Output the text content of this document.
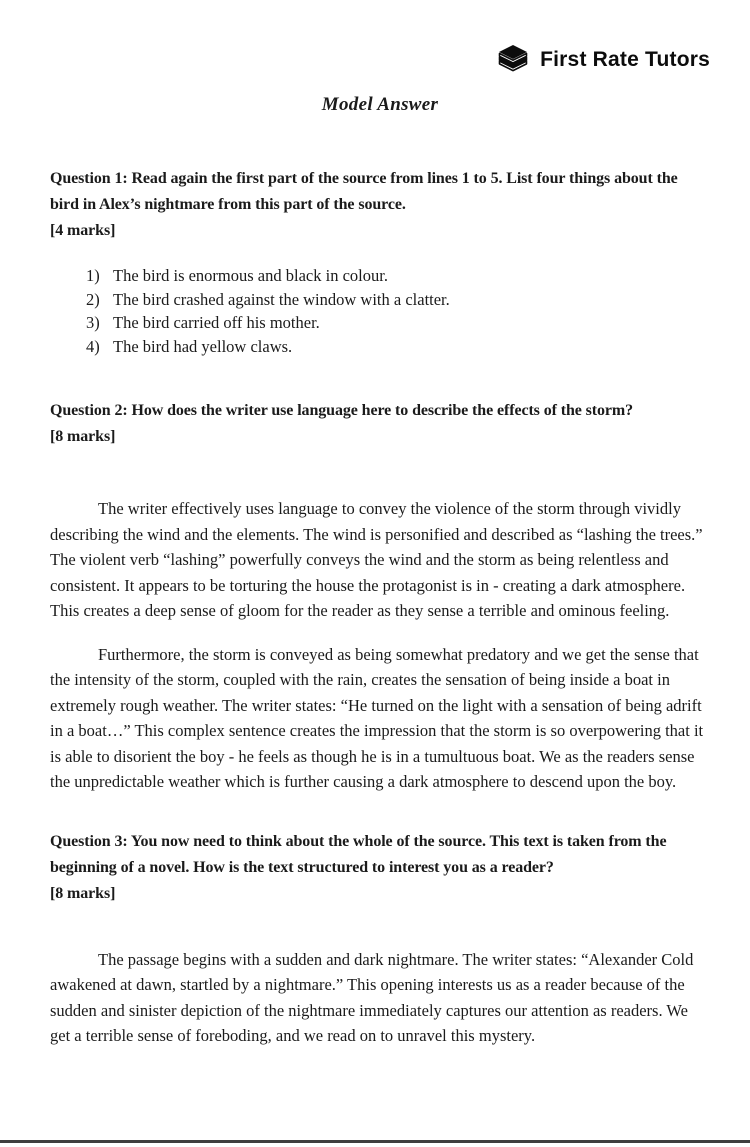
First Rate Tutors
Model Answer
Question 1: Read again the first part of the source from lines 1 to 5. List four things about the bird in Alex’s nightmare from this part of the source.
[4 marks]
1) The bird is enormous and black in colour.
2) The bird crashed against the window with a clatter.
3) The bird carried off his mother.
4) The bird had yellow claws.
Question 2: How does the writer use language here to describe the effects of the storm?
[8 marks]

The writer effectively uses language to convey the violence of the storm through vividly describing the wind and the elements. The wind is personified and described as “lashing the trees.” The violent verb “lashing” powerfully conveys the wind and the storm as being relentless and consistent. It appears to be torturing the house the protagonist is in - creating a dark atmosphere. This creates a deep sense of gloom for the reader as they sense a terrible and ominous feeling.

Furthermore, the storm is conveyed as being somewhat predatory and we get the sense that the intensity of the storm, coupled with the rain, creates the sensation of being inside a boat in extremely rough weather. The writer states: “He turned on the light with a sensation of being adrift in a boat…” This complex sentence creates the impression that the storm is so overpowering that it is able to disorient the boy - he feels as though he is in a tumultuous boat. We as the readers sense the unpredictable weather which is further causing a dark atmosphere to descend upon the boy.

Question 3: You now need to think about the whole of the source. This text is taken from the beginning of a novel. How is the text structured to interest you as a reader?
[8 marks]

The passage begins with a sudden and dark nightmare. The writer states: “Alexander Cold awakened at dawn, startled by a nightmare.” This opening interests us as a reader because of the sudden and sinister depiction of the nightmare immediately captures our attention as readers. We get a terrible sense of foreboding, and we read on to unravel this mystery.
